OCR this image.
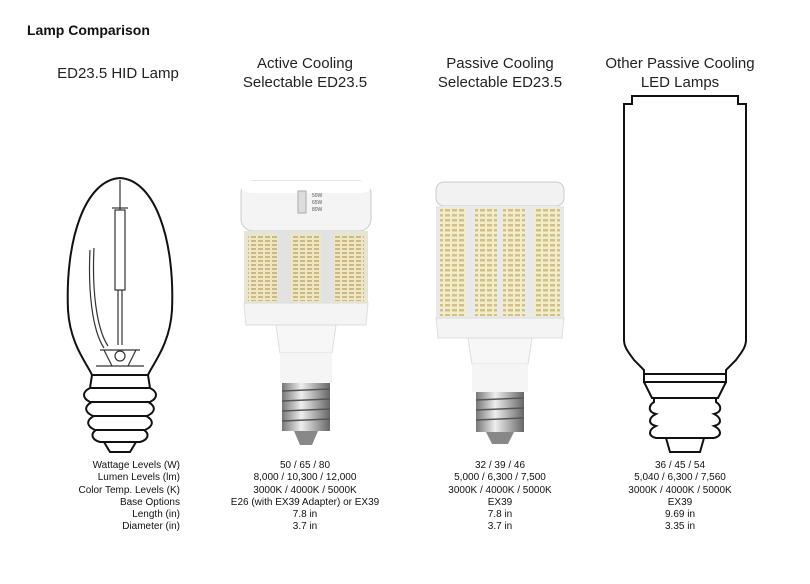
Lamp Comparison
ED23.5 HID Lamp
Active Cooling
Selectable ED23.5
Passive Cooling
Selectable ED23.5
Other Passive Cooling
LED Lamps
50W
65W
80W
Wattage Levels (W)
Lumen Levels (lm)
Color Temp. Levels (K)
Base Options
Length (in)
Diameter (in)
50 / 65 / 80
8,000 / 10,300 / 12,000
3000K / 4000K / 5000K
E26 (with EX39 Adapter) or EX39
7.8 in
3.7 in
32 / 39 / 46
5,000 / 6,300 / 7,500
3000K / 4000K / 5000K
EX39
7.8 in
3.7 in
36 / 45 / 54
5,040 / 6,300 / 7,560
3000K / 4000K / 5000K
EX39
9.69 in
3.35 in
